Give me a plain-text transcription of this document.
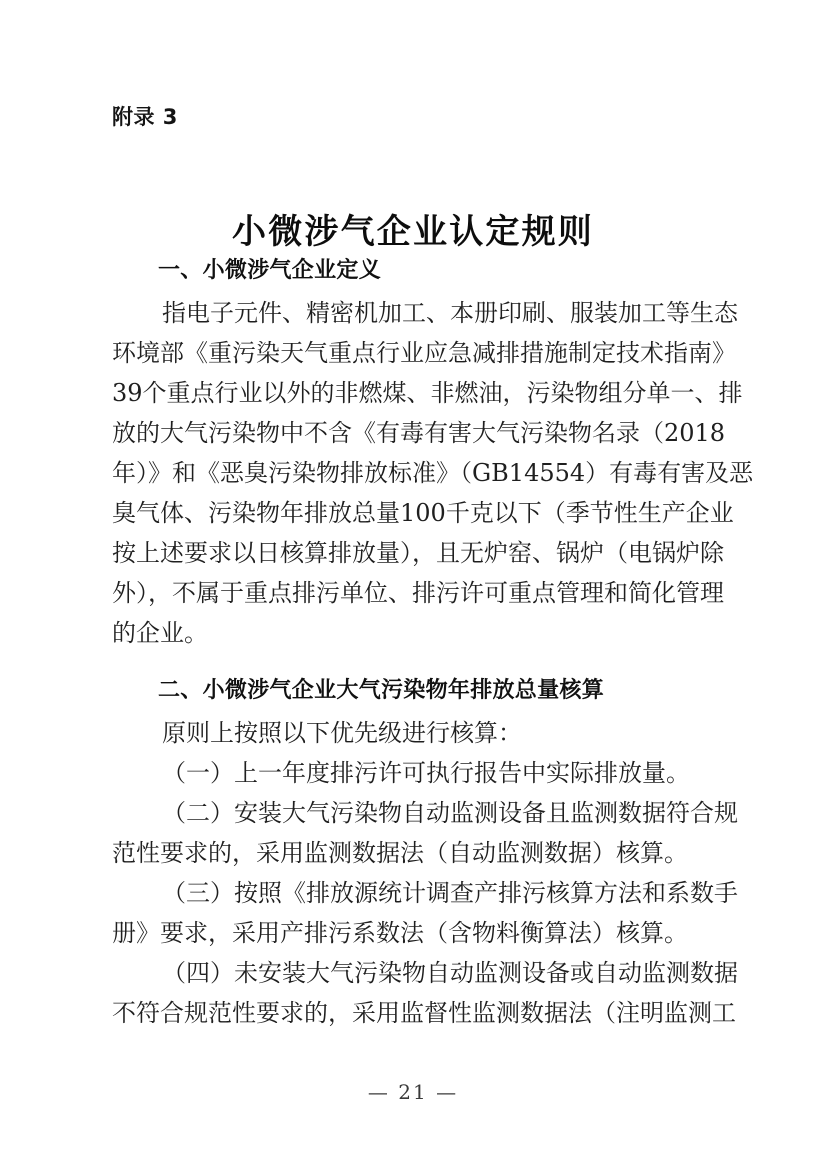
附录 3
小微涉气企业认定规则
一、小微涉气企业定义
指电子元件、精密机加工、本册印刷、服装加工等生态
环境部《重污染天气重点行业应急减排措施制定技术指南》
39个重点行业以外的非燃煤、非燃油，污染物组分单一、排
放的大气污染物中不含《有毒有害大气污染物名录（2018
年）》和《恶臭污染物排放标准》（GB14554）有毒有害及恶
臭气体、污染物年排放总量100千克以下（季节性生产企业
按上述要求以日核算排放量），且无炉窑、锅炉（电锅炉除
外），不属于重点排污单位、排污许可重点管理和简化管理
的企业。
二、小微涉气企业大气污染物年排放总量核算
原则上按照以下优先级进行核算：
（一）上一年度排污许可执行报告中实际排放量。
（二）安装大气污染物自动监测设备且监测数据符合规
范性要求的，采用监测数据法（自动监测数据）核算。
（三）按照《排放源统计调查产排污核算方法和系数手
册》要求，采用产排污系数法（含物料衡算法）核算。
（四）未安装大气污染物自动监测设备或自动监测数据
不符合规范性要求的，采用监督性监测数据法（注明监测工
— 21 —
